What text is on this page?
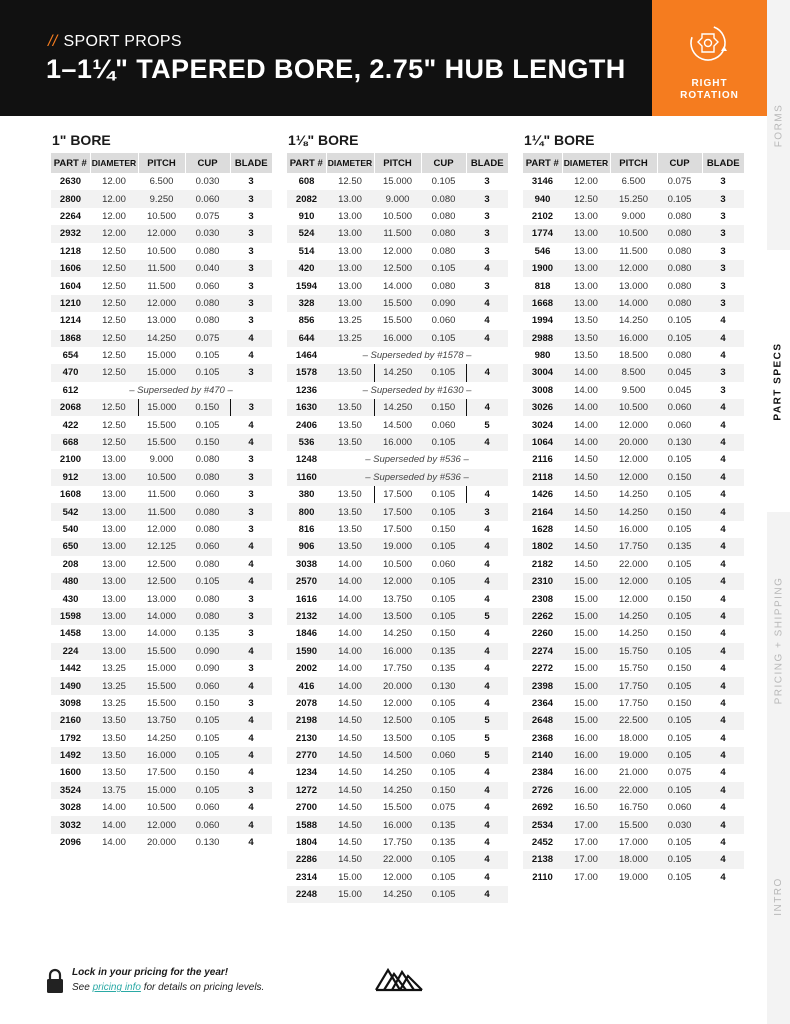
// SPORT PROPS
1–1¼" TAPERED BORE, 2.75" HUB LENGTH	RIGHT
ROTATION
FORMS
PART SPECS
PRICING + SHIPPING
INTRO
1" BORE
PART #	DIAMETER	PITCH	CUP	BLADE
2630	12.00	6.500	0.030	3
2800	12.00	9.250	0.060	3
2264	12.00	10.500	0.075	3
2932	12.00	12.000	0.030	3
1218	12.50	10.500	0.080	3
1606	12.50	11.500	0.040	3
1604	12.50	11.500	0.060	3
1210	12.50	12.000	0.080	3
1214	12.50	13.000	0.080	3
1868	12.50	14.250	0.075	4
654	12.50	15.000	0.105	4
470	12.50	15.000	0.105	3
612	– Superseded by #470 –			
2068	12.50	15.000	0.150	3
422	12.50	15.500	0.105	4
668	12.50	15.500	0.150	4
2100	13.00	9.000	0.080	3
912	13.00	10.500	0.080	3
1608	13.00	11.500	0.060	3
542	13.00	11.500	0.080	3
540	13.00	12.000	0.080	3
650	13.00	12.125	0.060	4
208	13.00	12.500	0.080	4
480	13.00	12.500	0.105	4
430	13.00	13.000	0.080	3
1598	13.00	14.000	0.080	3
1458	13.00	14.000	0.135	3
224	13.00	15.500	0.090	4
1442	13.25	15.000	0.090	3
1490	13.25	15.500	0.060	4
3098	13.25	15.500	0.150	3
2160	13.50	13.750	0.105	4
1792	13.50	14.250	0.105	4
1492	13.50	16.000	0.105	4
1600	13.50	17.500	0.150	4
3524	13.75	15.000	0.105	3
3028	14.00	10.500	0.060	4
3032	14.00	12.000	0.060	4
2096	14.00	20.000	0.130	4
1⅛" BORE
PART #	DIAMETER	PITCH	CUP	BLADE
608	12.50	15.000	0.105	3
2082	13.00	9.000	0.080	3
910	13.00	10.500	0.080	3
524	13.00	11.500	0.080	3
514	13.00	12.000	0.080	3
420	13.00	12.500	0.105	4
1594	13.00	14.000	0.080	3
328	13.00	15.500	0.090	4
856	13.25	15.500	0.060	4
644	13.25	16.000	0.105	4
1464	– Superseded by #1578 –			
1578	13.50	14.250	0.105	4
1236	– Superseded by #1630 –			
1630	13.50	14.250	0.150	4
2406	13.50	14.500	0.060	5
536	13.50	16.000	0.105	4
1248	– Superseded by #536 –			
1160	– Superseded by #536 –			
380	13.50	17.500	0.105	4
800	13.50	17.500	0.105	3
816	13.50	17.500	0.150	4
906	13.50	19.000	0.105	4
3038	14.00	10.500	0.060	4
2570	14.00	12.000	0.105	4
1616	14.00	13.750	0.105	4
2132	14.00	13.500	0.105	5
1846	14.00	14.250	0.150	4
1590	14.00	16.000	0.135	4
2002	14.00	17.750	0.135	4
416	14.00	20.000	0.130	4
2078	14.50	12.000	0.105	4
2198	14.50	12.500	0.105	5
2130	14.50	13.500	0.105	5
2770	14.50	14.500	0.060	5
1234	14.50	14.250	0.105	4
1272	14.50	14.250	0.150	4
2700	14.50	15.500	0.075	4
1588	14.50	16.000	0.135	4
1804	14.50	17.750	0.135	4
2286	14.50	22.000	0.105	4
2314	15.00	12.000	0.105	4
2248	15.00	14.250	0.105	4
1¼" BORE
PART #	DIAMETER	PITCH	CUP	BLADE
3146	12.00	6.500	0.075	3
940	12.50	15.250	0.105	3
2102	13.00	9.000	0.080	3
1774	13.00	10.500	0.080	3
546	13.00	11.500	0.080	3
1900	13.00	12.000	0.080	3
818	13.00	13.000	0.080	3
1668	13.00	14.000	0.080	3
1994	13.50	14.250	0.105	4
2988	13.50	16.000	0.105	4
980	13.50	18.500	0.080	4
3004	14.00	8.500	0.045	3
3008	14.00	9.500	0.045	3
3026	14.00	10.500	0.060	4
3024	14.00	12.000	0.060	4
1064	14.00	20.000	0.130	4
2116	14.50	12.000	0.105	4
2118	14.50	12.000	0.150	4
1426	14.50	14.250	0.105	4
2164	14.50	14.250	0.150	4
1628	14.50	16.000	0.105	4
1802	14.50	17.750	0.135	4
2182	14.50	22.000	0.105	4
2310	15.00	12.000	0.105	4
2308	15.00	12.000	0.150	4
2262	15.00	14.250	0.105	4
2260	15.00	14.250	0.150	4
2274	15.00	15.750	0.105	4
2272	15.00	15.750	0.150	4
2398	15.00	17.750	0.105	4
2364	15.00	17.750	0.150	4
2648	15.00	22.500	0.105	4
2368	16.00	18.000	0.105	4
2140	16.00	19.000	0.105	4
2384	16.00	21.000	0.075	4
2726	16.00	22.000	0.105	4
2692	16.50	16.750	0.060	4
2534	17.00	15.500	0.030	4
2452	17.00	17.000	0.105	4
2138	17.00	18.000	0.105	4
2110	17.00	19.000	0.105	4
Lock in your pricing for the year!
See pricing info for details on pricing levels.
